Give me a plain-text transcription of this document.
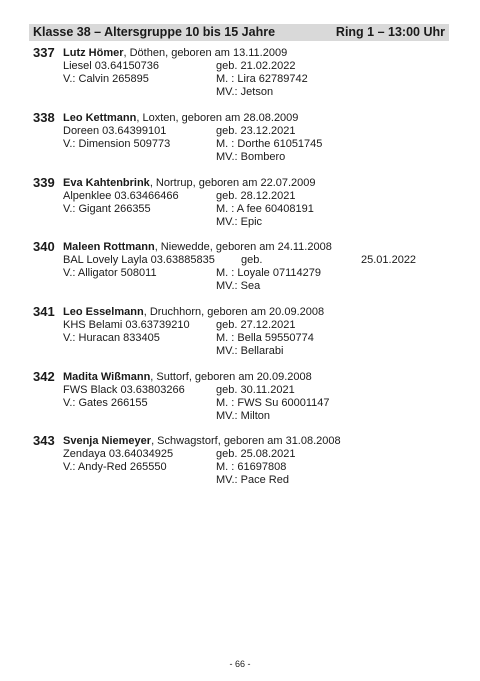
Klasse 38 – Altersgruppe 10 bis 15 Jahre	Ring 1 – 13:00 Uhr
337 Lutz Hömer, Döthen, geboren am 13.11.2009
Liesel 03.64150736	geb. 21.02.2022
V.: Calvin 265895	M. : Lira 62789742
MV.: Jetson
338 Leo Kettmann, Loxten, geboren am 28.08.2009
Doreen 03.64399101	geb. 23.12.2021
V.: Dimension 509773	M. : Dorthe 61051745
MV.: Bombero
339 Eva Kahtenbrink, Nortrup, geboren am 22.07.2009
Alpenklee 03.63466466	geb. 28.12.2021
V.: Gigant 266355	M. : A fee 60408191
MV.: Epic
340 Maleen Rottmann, Niewedde, geboren am 24.11.2008
BAL Lovely Layla 03.63885835 geb.	25.01.2022
V.: Alligator 508011	M. : Loyale 07114279
MV.: Sea
341 Leo Esselmann, Druchhorn, geboren am 20.09.2008
KHS Belami 03.63739210 geb. 27.12.2021
V.: Huracan 833405	M. : Bella 59550774
MV.: Bellarabi
342 Madita Wißmann, Suttorf, geboren am 20.09.2008
FWS Black 03.63803266	geb. 30.11.2021
V.: Gates 266155	M. : FWS Su 60001147
MV.: Milton
343 Svenja Niemeyer, Schwagstorf, geboren am 31.08.2008
Zendaya 03.64034925	geb. 25.08.2021
V.: Andy-Red 265550	M. : 61697808
MV.: Pace Red
- 66 -
